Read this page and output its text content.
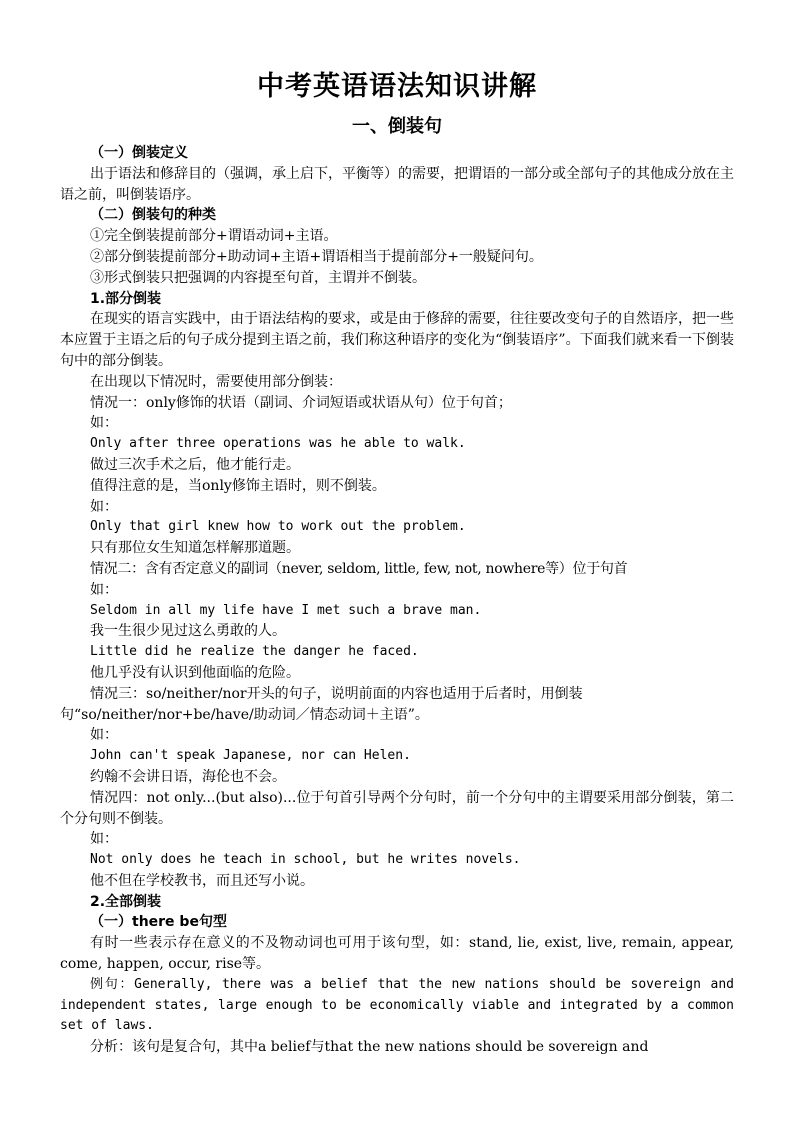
中考英语语法知识讲解
一、倒装句

（一）倒装定义

出于语法和修辞目的（强调，承上启下，平衡等）的需要，把谓语的一部分或全部句子的其他成分放在主语之前，叫倒装语序。

（二）倒装句的种类

①完全倒装提前部分+谓语动词+主语。

②部分倒装提前部分+助动词+主语+谓语相当于提前部分+一般疑问句。

③形式倒装只把强调的内容提至句首，主谓并不倒装。

1.部分倒装

在现实的语言实践中，由于语法结构的要求，或是由于修辞的需要，往往要改变句子的自然语序，把一些本应置于主语之后的句子成分提到主语之前，我们称这种语序的变化为“倒装语序”。下面我们就来看一下倒装句中的部分倒装。

在出现以下情况时，需要使用部分倒装：

情况一：only修饰的状语（副词、介词短语或状语从句）位于句首；

如：

Only after three operations was he able to walk.

做过三次手术之后，他才能行走。

值得注意的是，当only修饰主语时，则不倒装。

如：

Only that girl knew how to work out the problem.

只有那位女生知道怎样解那道题。

情况二：含有否定意义的副词（never, seldom, little, few, not, nowhere等）位于句首

如：

Seldom in all my life have I met such a brave man.

我一生很少见过这么勇敢的人。

Little did he realize the danger he faced.

他几乎没有认识到他面临的危险。

情况三：so/neither/nor开头的句子，说明前面的内容也适用于后者时，用倒装句“so/neither/nor+be/have/助动词／情态动词＋主语”。

如：

John can't speak Japanese, nor can Helen.

约翰不会讲日语，海伦也不会。

情况四：not only...(but also)...位于句首引导两个分句时，前一个分句中的主谓要采用部分倒装，第二个分句则不倒装。

如：

Not only does he teach in school, but he writes novels.

他不但在学校教书，而且还写小说。

2.全部倒装

（一）there be句型

有时一些表示存在意义的不及物动词也可用于该句型，如：stand, lie, exist, live, remain, appear, come, happen, occur, rise等。

例句：Generally, there was a belief that the new nations should be sovereign and independent states, large enough to be economically viable and integrated by a common set of laws.

分析：该句是复合句，其中a belief与that the new nations should be sovereign and
